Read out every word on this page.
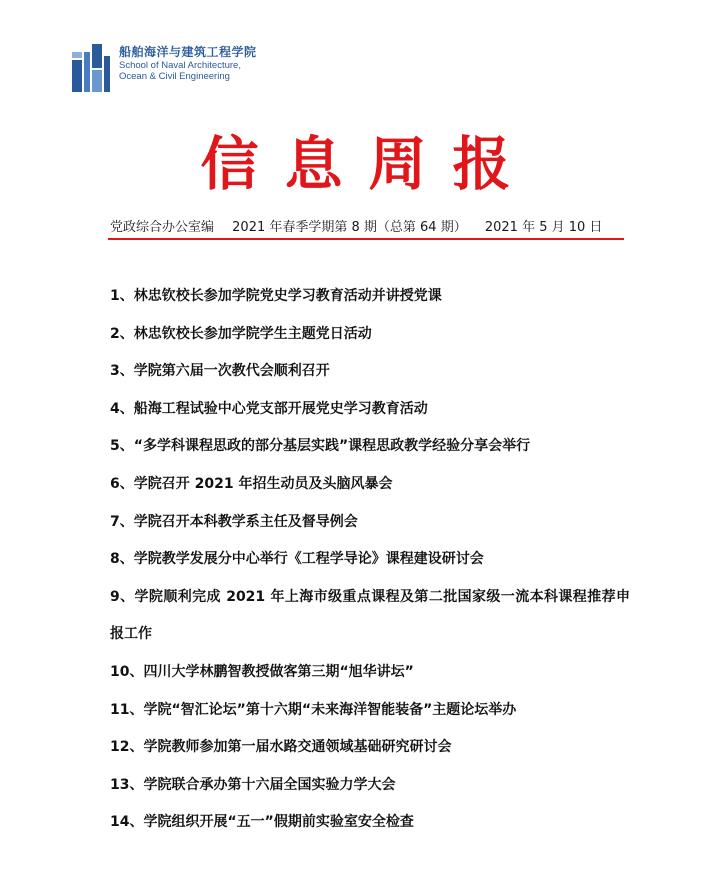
船舶海洋与建筑工程学院
School of Naval Architecture,
Ocean & Civil Engineering
信息周报
党政综合办公室编 2021 年春季学期第 8 期（总第 64 期） 2021 年 5 月 10 日
1、林忠钦校长参加学院党史学习教育活动并讲授党课
2、林忠钦校长参加学院学生主题党日活动
3、学院第六届一次教代会顺利召开
4、船海工程试验中心党支部开展党史学习教育活动
5、“多学科课程思政的部分基层实践”课程思政教学经验分享会举行
6、学院召开 2021 年招生动员及头脑风暴会
7、学院召开本科教学系主任及督导例会
8、学院教学发展分中心举行《工程学导论》课程建设研讨会
9、学院顺利完成 2021 年上海市级重点课程及第二批国家级一流本科课程推荐申报工作
10、四川大学林鹏智教授做客第三期“旭华讲坛”
11、学院“智汇论坛”第十六期“未来海洋智能装备”主题论坛举办
12、学院教师参加第一届水路交通领域基础研究研讨会
13、学院联合承办第十六届全国实验力学大会
14、学院组织开展“五一”假期前实验室安全检查
